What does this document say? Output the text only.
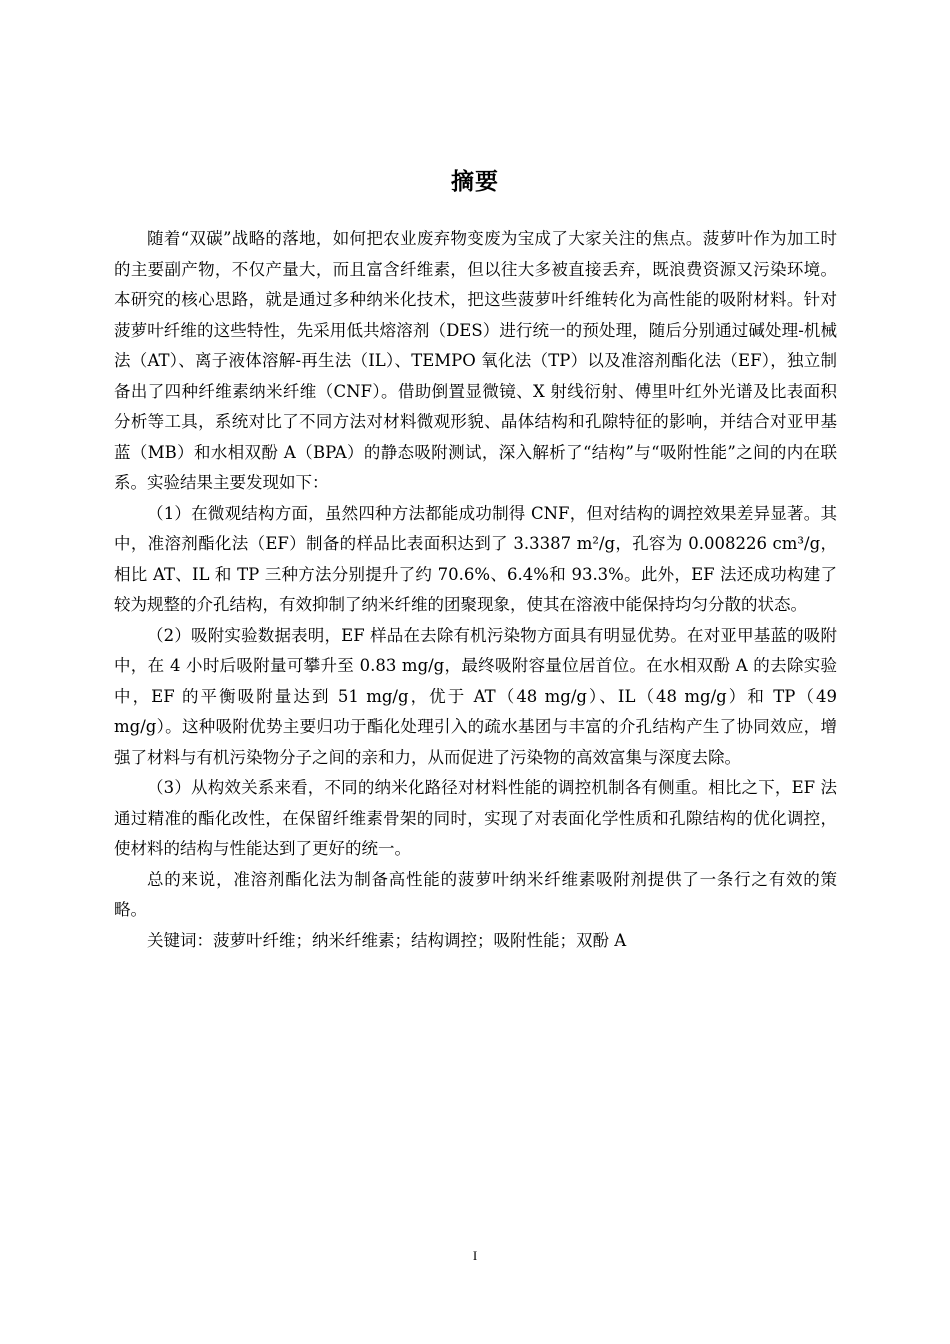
摘要

随着“双碳”战略的落地，如何把农业废弃物变废为宝成了大家关注的焦点。菠萝叶作为加工时的主要副产物，不仅产量大，而且富含纤维素，但以往大多被直接丢弃，既浪费资源又污染环境。本研究的核心思路，就是通过多种纳米化技术，把这些菠萝叶纤维转化为高性能的吸附材料。针对菠萝叶纤维的这些特性，先采用低共熔溶剂（DES）进行统一的预处理，随后分别通过碱处理-机械法（AT）、离子液体溶解-再生法（IL）、TEMPO 氧化法（TP）以及准溶剂酯化法（EF），独立制备出了四种纤维素纳米纤维（CNF）。借助倒置显微镜、X 射线衍射、傅里叶红外光谱及比表面积分析等工具，系统对比了不同方法对材料微观形貌、晶体结构和孔隙特征的影响，并结合对亚甲基蓝（MB）和水相双酚 A（BPA）的静态吸附测试，深入解析了“结构”与“吸附性能”之间的内在联系。实验结果主要发现如下：

（1）在微观结构方面，虽然四种方法都能成功制得 CNF，但对结构的调控效果差异显著。其中，准溶剂酯化法（EF）制备的样品比表面积达到了 3.3387 m²/g，孔容为 0.008226 cm³/g，相比 AT、IL 和 TP 三种方法分别提升了约 70.6%、6.4%和 93.3%。此外，EF 法还成功构建了较为规整的介孔结构，有效抑制了纳米纤维的团聚现象，使其在溶液中能保持均匀分散的状态。

（2）吸附实验数据表明，EF 样品在去除有机污染物方面具有明显优势。在对亚甲基蓝的吸附中，在 4 小时后吸附量可攀升至 0.83 mg/g，最终吸附容量位居首位。在水相双酚 A 的去除实验中，EF 的平衡吸附量达到 51 mg/g，优于 AT（48 mg/g）、IL（48 mg/g）和 TP（49 mg/g）。这种吸附优势主要归功于酯化处理引入的疏水基团与丰富的介孔结构产生了协同效应，增强了材料与有机污染物分子之间的亲和力，从而促进了污染物的高效富集与深度去除。

（3）从构效关系来看，不同的纳米化路径对材料性能的调控机制各有侧重。相比之下，EF 法通过精准的酯化改性，在保留纤维素骨架的同时，实现了对表面化学性质和孔隙结构的优化调控，使材料的结构与性能达到了更好的统一。

总的来说，准溶剂酯化法为制备高性能的菠萝叶纳米纤维素吸附剂提供了一条行之有效的策略。

关键词：菠萝叶纤维；纳米纤维素；结构调控；吸附性能；双酚 A

I
